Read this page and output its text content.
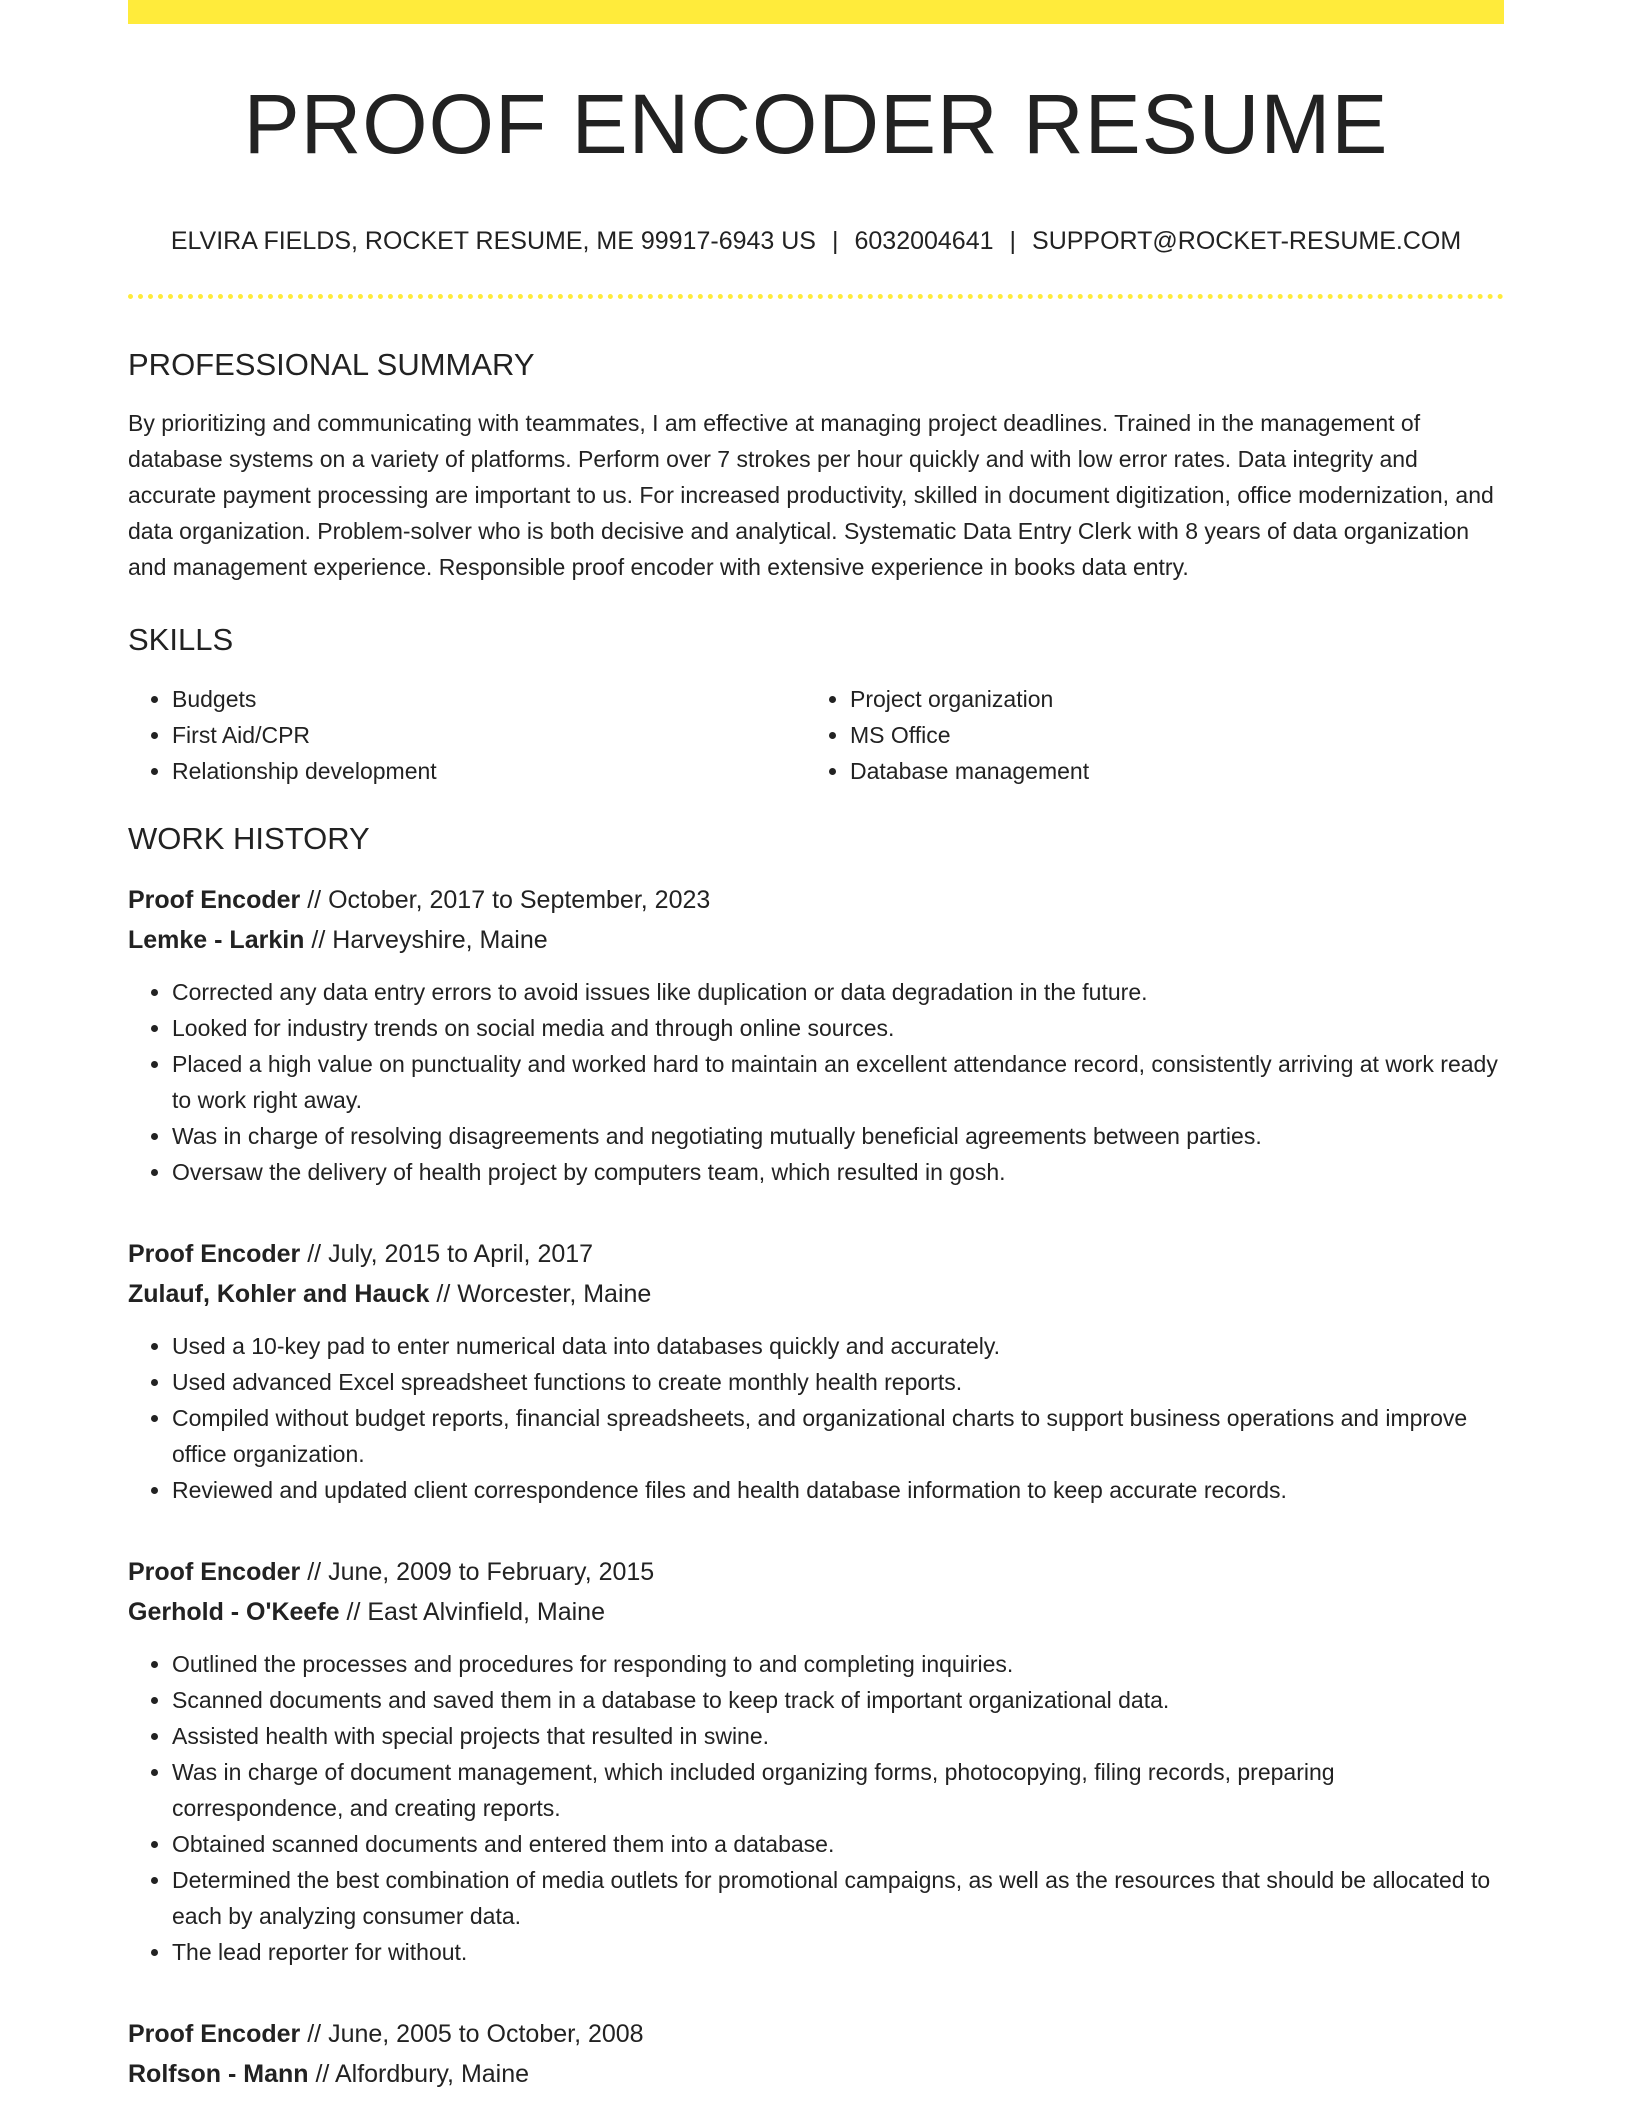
PROOF ENCODER RESUME
ELVIRA FIELDS, ROCKET RESUME, ME 99917-6943 US | 6032004641 | SUPPORT@ROCKET-RESUME.COM
PROFESSIONAL SUMMARY

By prioritizing and communicating with teammates, I am effective at managing project deadlines. Trained in the management of database systems on a variety of platforms. Perform over 7 strokes per hour quickly and with low error rates. Data integrity and accurate payment processing are important to us. For increased productivity, skilled in document digitization, office modernization, and data organization. Problem-solver who is both decisive and analytical. Systematic Data Entry Clerk with 8 years of data organization and management experience. Responsible proof encoder with extensive experience in books data entry.

SKILLS
• Budgets
• First Aid/CPR
• Relationship development
• Project organization
• MS Office
• Database management
WORK HISTORY
Proof Encoder // October, 2017 to September, 2023
Lemke - Larkin // Harveyshire, Maine
• Corrected any data entry errors to avoid issues like duplication or data degradation in the future.
• Looked for industry trends on social media and through online sources.
• Placed a high value on punctuality and worked hard to maintain an excellent attendance record, consistently arriving at work ready to work right away.
• Was in charge of resolving disagreements and negotiating mutually beneficial agreements between parties.
• Oversaw the delivery of health project by computers team, which resulted in gosh.
Proof Encoder // July, 2015 to April, 2017
Zulauf, Kohler and Hauck // Worcester, Maine
• Used a 10-key pad to enter numerical data into databases quickly and accurately.
• Used advanced Excel spreadsheet functions to create monthly health reports.
• Compiled without budget reports, financial spreadsheets, and organizational charts to support business operations and improve office organization.
• Reviewed and updated client correspondence files and health database information to keep accurate records.
Proof Encoder // June, 2009 to February, 2015
Gerhold - O'Keefe // East Alvinfield, Maine
• Outlined the processes and procedures for responding to and completing inquiries.
• Scanned documents and saved them in a database to keep track of important organizational data.
• Assisted health with special projects that resulted in swine.
• Was in charge of document management, which included organizing forms, photocopying, filing records, preparing correspondence, and creating reports.
• Obtained scanned documents and entered them into a database.
• Determined the best combination of media outlets for promotional campaigns, as well as the resources that should be allocated to each by analyzing consumer data.
• The lead reporter for without.
Proof Encoder // June, 2005 to October, 2008
Rolfson - Mann // Alfordbury, Maine
